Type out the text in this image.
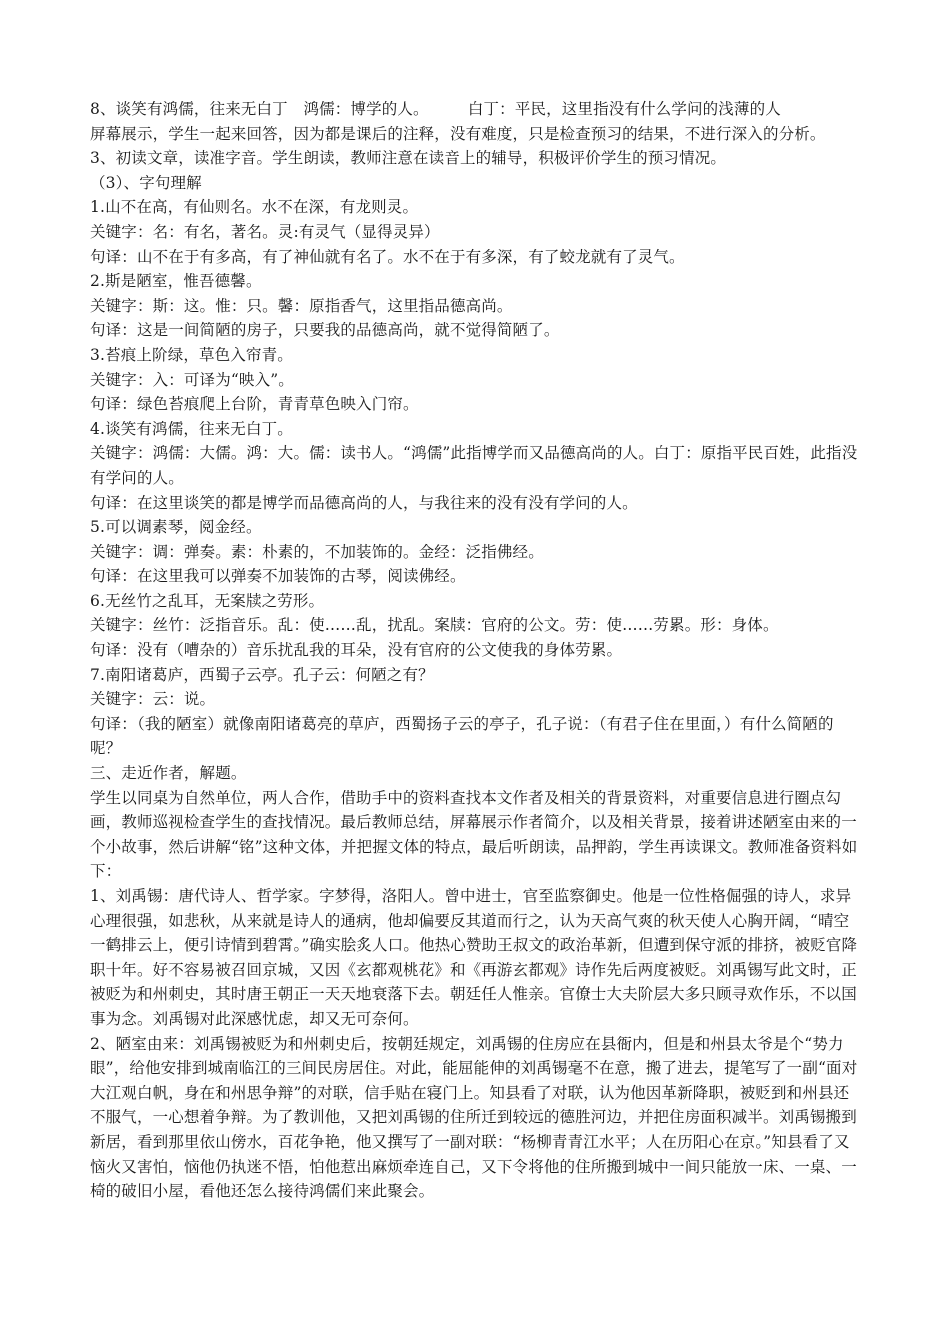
8、谈笑有鸿儒，往来无白丁　鸿儒：博学的人。　　　白丁：平民，这里指没有什么学问的浅薄的人
屏幕展示，学生一起来回答，因为都是课后的注释，没有难度，只是检查预习的结果，不进行深入的分析。
3、初读文章，读准字音。学生朗读，教师注意在读音上的辅导，积极评价学生的预习情况。
（3）、字句理解
1.山不在高，有仙则名。水不在深，有龙则灵。
关键字：名：有名，著名。灵:有灵气（显得灵异）
句译：山不在于有多高，有了神仙就有名了。水不在于有多深，有了蛟龙就有了灵气。
2.斯是陋室，惟吾德馨。
关键字：斯：这。惟：只。馨：原指香气，这里指品德高尚。
句译：这是一间简陋的房子，只要我的品德高尚，就不觉得简陋了。
3.苔痕上阶绿，草色入帘青。
关键字：入：可译为“映入”。
句译：绿色苔痕爬上台阶，青青草色映入门帘。
4.谈笑有鸿儒，往来无白丁。
关键字：鸿儒：大儒。鸿：大。儒：读书人。“鸿儒”此指博学而又品德高尚的人。白丁：原指平民百姓，此指没有学问的人。
句译：在这里谈笑的都是博学而品德高尚的人，与我往来的没有没有学问的人。
5.可以调素琴，阅金经。
关键字：调：弹奏。素：朴素的，不加装饰的。金经：泛指佛经。
句译：在这里我可以弹奏不加装饰的古琴，阅读佛经。
6.无丝竹之乱耳，无案牍之劳形。
关键字：丝竹：泛指音乐。乱：使……乱，扰乱。案牍：官府的公文。劳：使……劳累。形：身体。
句译：没有（嘈杂的）音乐扰乱我的耳朵，没有官府的公文使我的身体劳累。
7.南阳诸葛庐，西蜀子云亭。孔子云：何陋之有？
关键字：云：说。
句译：（我的陋室）就像南阳诸葛亮的草庐，西蜀扬子云的亭子，孔子说：（有君子住在里面，）有什么简陋的呢？
三、走近作者，解题。
学生以同桌为自然单位，两人合作，借助手中的资料查找本文作者及相关的背景资料，对重要信息进行圈点勾画，教师巡视检查学生的查找情况。最后教师总结，屏幕展示作者简介，以及相关背景，接着讲述陋室由来的一个小故事，然后讲解“铭”这种文体，并把握文体的特点，最后听朗读，品押韵，学生再读课文。教师准备资料如下：
1、刘禹锡：唐代诗人、哲学家。字梦得，洛阳人。曾中进士，官至监察御史。他是一位性格倔强的诗人，求异心理很强，如悲秋，从来就是诗人的通病，他却偏要反其道而行之，认为天高气爽的秋天使人心胸开阔，“晴空一鹤排云上，便引诗情到碧霄。”确实脍炙人口。他热心赞助王叔文的政治革新，但遭到保守派的排挤，被贬官降职十年。好不容易被召回京城，又因《玄都观桃花》和《再游玄都观》诗作先后两度被贬。刘禹锡写此文时，正被贬为和州刺史，其时唐王朝正一天天地衰落下去。朝廷任人惟亲。官僚士大夫阶层大多只顾寻欢作乐，不以国事为念。刘禹锡对此深感忧虑，却又无可奈何。
2、陋室由来：刘禹锡被贬为和州刺史后，按朝廷规定，刘禹锡的住房应在县衙内，但是和州县太爷是个“势力眼”，给他安排到城南临江的三间民房居住。对此，能屈能伸的刘禹锡毫不在意，搬了进去，提笔写了一副“面对大江观白帆，身在和州思争辩”的对联，信手贴在寝门上。知县看了对联，认为他因革新降职，被贬到和州县还不服气，一心想着争辩。为了教训他，又把刘禹锡的住所迁到较远的德胜河边，并把住房面积减半。刘禹锡搬到新居，看到那里依山傍水，百花争艳，他又撰写了一副对联：“杨柳青青江水平；人在历阳心在京。”知县看了又恼火又害怕，恼他仍执迷不悟，怕他惹出麻烦牵连自己，又下令将他的住所搬到城中一间只能放一床、一桌、一椅的破旧小屋，看他还怎么接待鸿儒们来此聚会。
